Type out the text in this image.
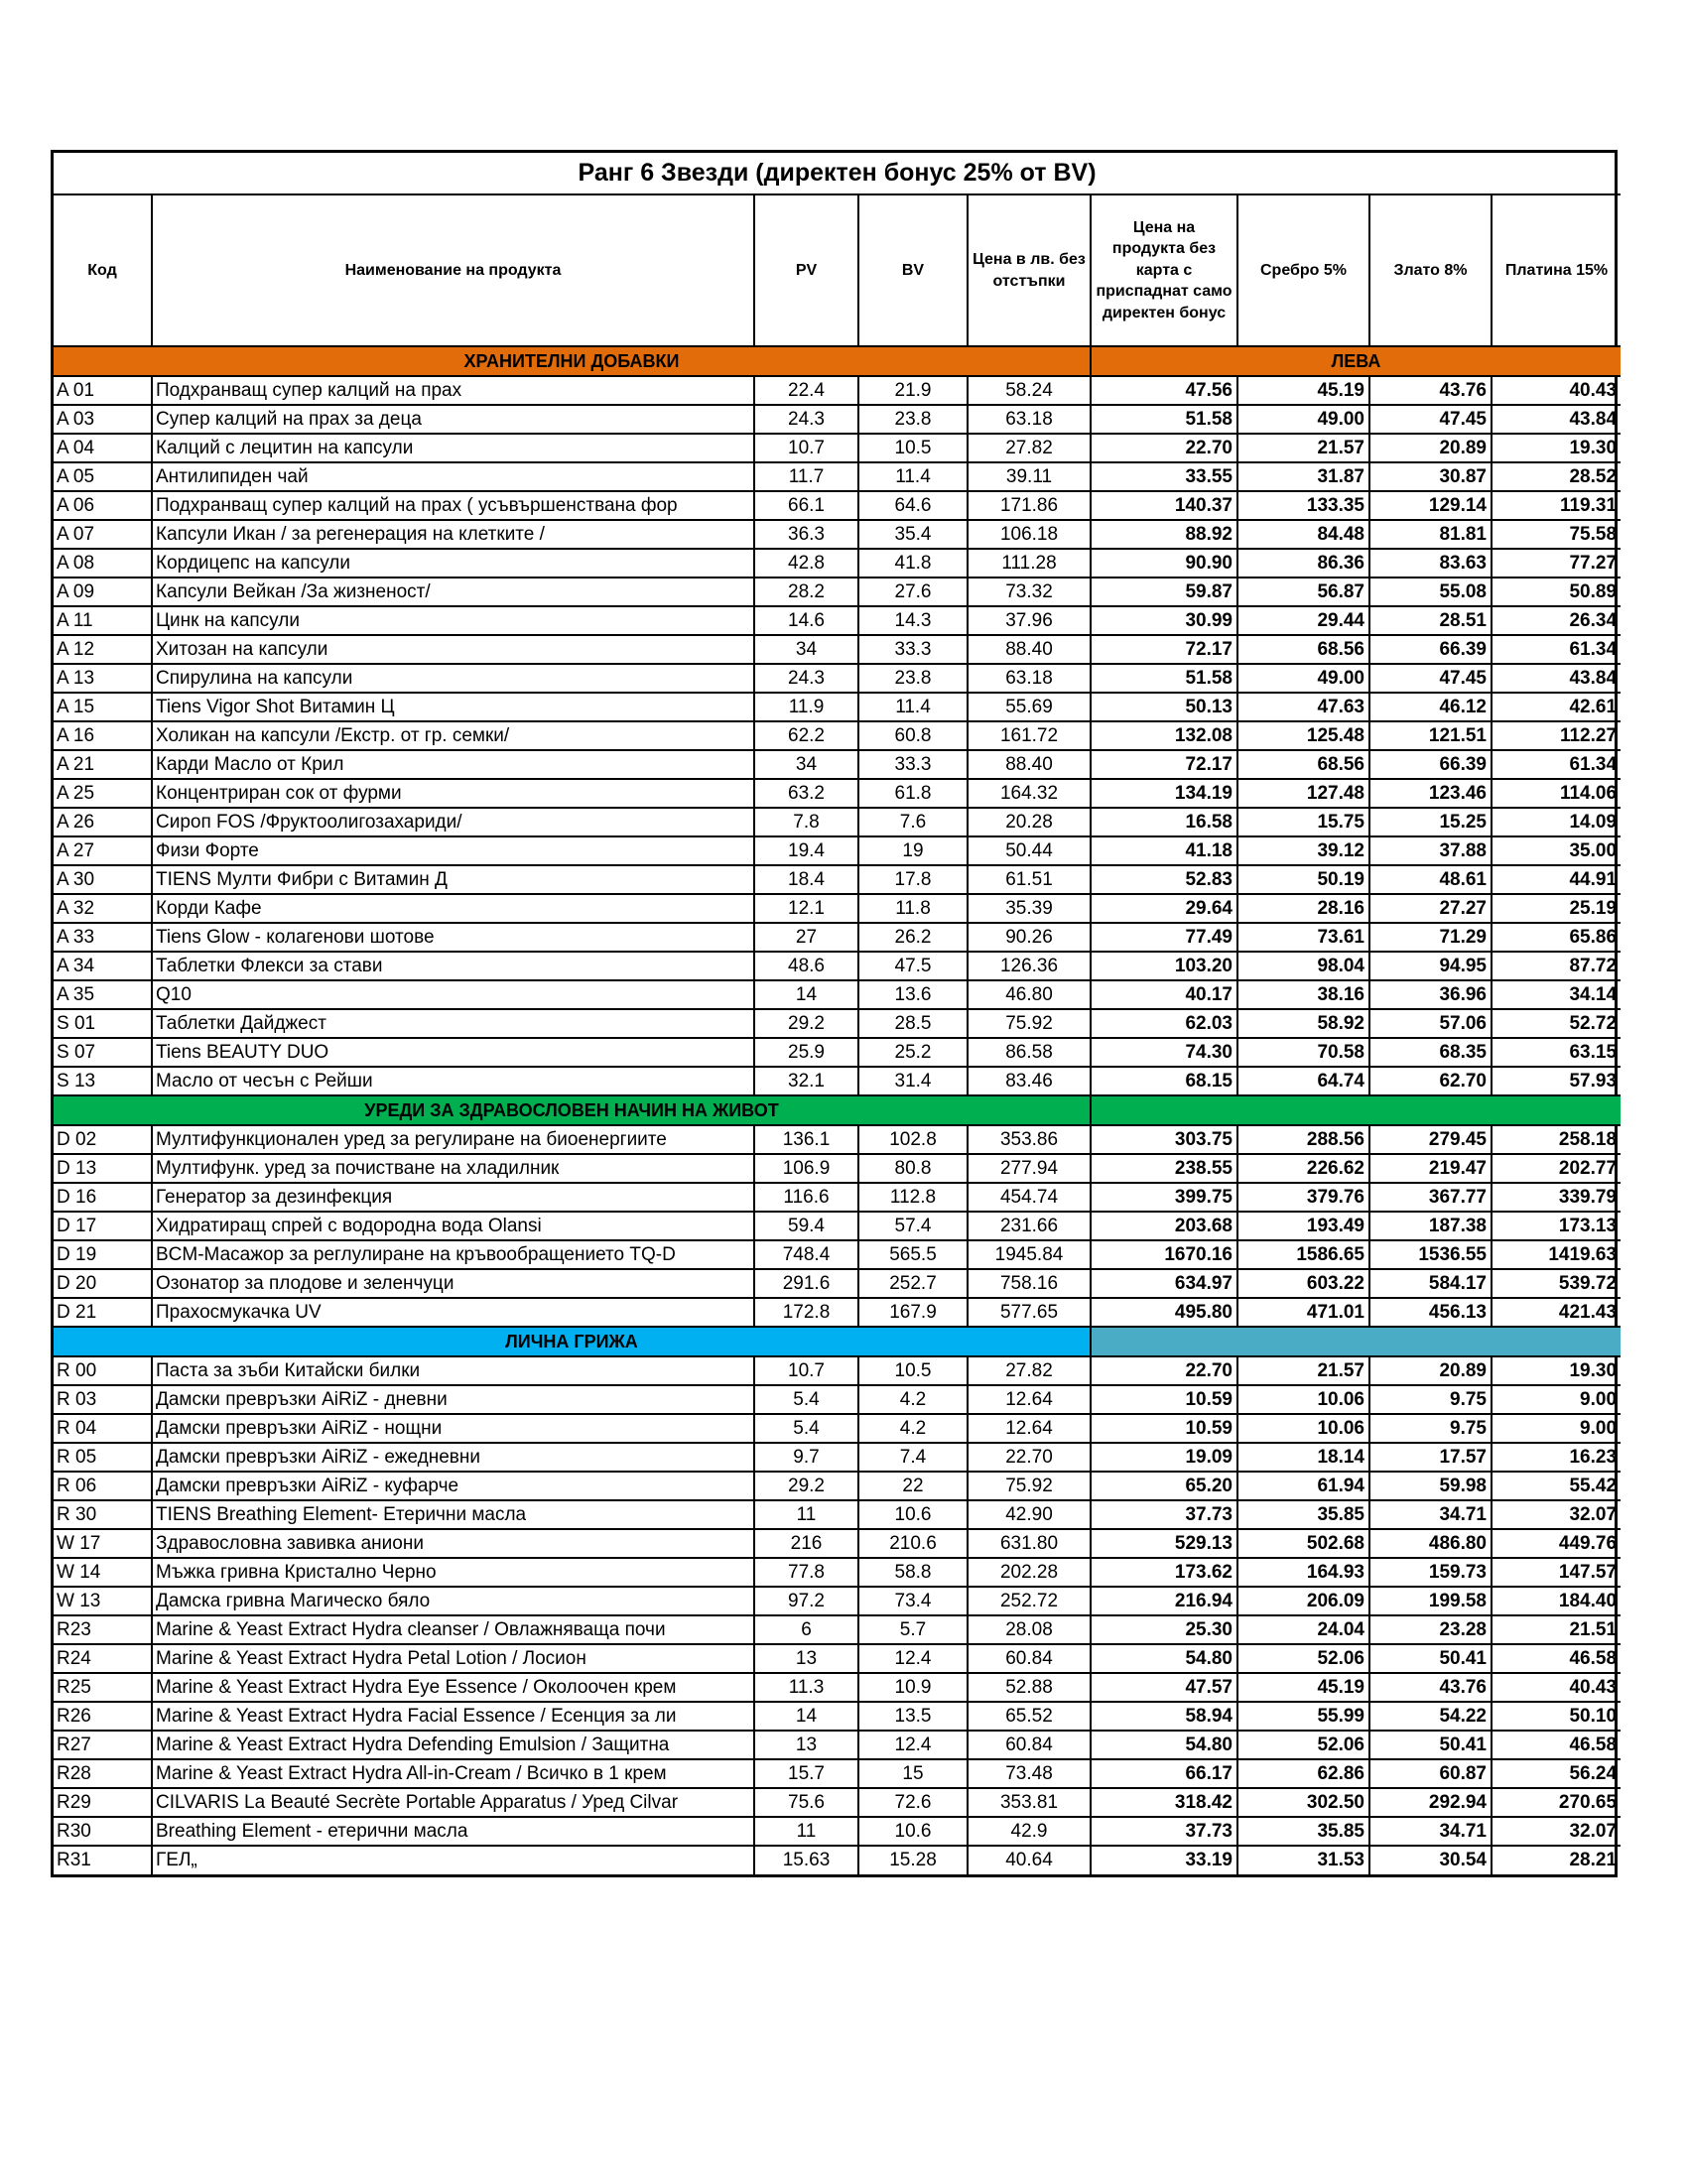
Ранг 6 Звезди (директен бонус 25% от BV)								
Код	Наименование на продукта	PV	BV	Цена в лв. без отстъпки	Цена на продукта без карта с приспаднат само директен бонус	Сребро 5%	Злато 8%	Платина 15%
ХРАНИТЕЛНИ ДОБАВКИ					ЛЕВА			
A 01	Подхранващ супер калций на прах	22.4	21.9	58.24	47.56	45.19	43.76	40.43
A 03	Супер калций на прах за деца	24.3	23.8	63.18	51.58	49.00	47.45	43.84
A 04	Калций с лецитин на капсули	10.7	10.5	27.82	22.70	21.57	20.89	19.30
A 05	Антилипиден чай	11.7	11.4	39.11	33.55	31.87	30.87	28.52
A 06	Подхранващ супер калций на прах ( усъвършенствана фор	66.1	64.6	171.86	140.37	133.35	129.14	119.31
A 07	Капсули Икан / за регенерация на клетките /	36.3	35.4	106.18	88.92	84.48	81.81	75.58
A 08	Кордицепс на капсули	42.8	41.8	111.28	90.90	86.36	83.63	77.27
A 09	Капсули Вейкан /За жизненост/	28.2	27.6	73.32	59.87	56.87	55.08	50.89
A 11	Цинк на капсули	14.6	14.3	37.96	30.99	29.44	28.51	26.34
A 12	Хитозан на капсули	34	33.3	88.40	72.17	68.56	66.39	61.34
A 13	Спирулина на капсули	24.3	23.8	63.18	51.58	49.00	47.45	43.84
A 15	Tiens Vigor Shot Витамин Ц	11.9	11.4	55.69	50.13	47.63	46.12	42.61
A 16	Холикан на капсули /Екстр. от гр. семки/	62.2	60.8	161.72	132.08	125.48	121.51	112.27
A 21	Карди Масло от Крил	34	33.3	88.40	72.17	68.56	66.39	61.34
A 25	Концентриран сок от фурми	63.2	61.8	164.32	134.19	127.48	123.46	114.06
A 26	Сироп FOS /Фруктоолигозахариди/	7.8	7.6	20.28	16.58	15.75	15.25	14.09
A 27	Физи Форте	19.4	19	50.44	41.18	39.12	37.88	35.00
A 30	TIENS Мулти Фибри с Витамин Д	18.4	17.8	61.51	52.83	50.19	48.61	44.91
A 32	Корди Кафе	12.1	11.8	35.39	29.64	28.16	27.27	25.19
A 33	Tiens Glow - колагенови шотове	27	26.2	90.26	77.49	73.61	71.29	65.86
A 34	Таблетки Флекси за стави	48.6	47.5	126.36	103.20	98.04	94.95	87.72
A 35	Q10	14	13.6	46.80	40.17	38.16	36.96	34.14
S 01	Таблетки Дайджест	29.2	28.5	75.92	62.03	58.92	57.06	52.72
S 07	Tiens BEAUTY DUO	25.9	25.2	86.58	74.30	70.58	68.35	63.15
S 13	Масло от чесън с Рейши	32.1	31.4	83.46	68.15	64.74	62.70	57.93
УРЕДИ ЗА ЗДРАВОСЛОВЕН НАЧИН НА ЖИВОТ								
D 02	Мултифункционален уред за регулиране на биоенергиите	136.1	102.8	353.86	303.75	288.56	279.45	258.18
D 13	Мултифунк. уред за почистване на хладилник	106.9	80.8	277.94	238.55	226.62	219.47	202.77
D 16	Генератор за дезинфекция	116.6	112.8	454.74	399.75	379.76	367.77	339.79
D 17	Хидратиращ спрей с водородна вода Olansi	59.4	57.4	231.66	203.68	193.49	187.38	173.13
D 19	BCM-Масажор за реглулиране на кръвообращението TQ-D	748.4	565.5	1945.84	1670.16	1586.65	1536.55	1419.63
D 20	Озонатор за плодове и зеленчуци	291.6	252.7	758.16	634.97	603.22	584.17	539.72
D 21	Прахосмукачка UV	172.8	167.9	577.65	495.80	471.01	456.13	421.43
ЛИЧНА ГРИЖА								
R 00	Паста за зъби Китайски билки	10.7	10.5	27.82	22.70	21.57	20.89	19.30
R 03	Дамски превръзки AiRiZ - дневни	5.4	4.2	12.64	10.59	10.06	9.75	9.00
R 04	Дамски превръзки AiRiZ - нощни	5.4	4.2	12.64	10.59	10.06	9.75	9.00
R 05	Дамски превръзки AiRiZ - ежедневни	9.7	7.4	22.70	19.09	18.14	17.57	16.23
R 06	Дамски превръзки AiRiZ - куфарче	29.2	22	75.92	65.20	61.94	59.98	55.42
R 30	TIENS Breathing Element- Етерични масла	11	10.6	42.90	37.73	35.85	34.71	32.07
W 17	Здравословна завивка аниони	216	210.6	631.80	529.13	502.68	486.80	449.76
W 14	Мъжка гривна Кристално Черно	77.8	58.8	202.28	173.62	164.93	159.73	147.57
W 13	Дамска гривна Магическо бяло	97.2	73.4	252.72	216.94	206.09	199.58	184.40
R23	Marine & Yeast Extract Hydra cleanser / Овлажняваща почи	6	5.7	28.08	25.30	24.04	23.28	21.51
R24	Marine & Yeast Extract Hydra Petal Lotion / Лосион	13	12.4	60.84	54.80	52.06	50.41	46.58
R25	Marine & Yeast Extract Hydra Eye Essence / Околоочен крем	11.3	10.9	52.88	47.57	45.19	43.76	40.43
R26	Marine & Yeast Extract Hydra Facial Essence / Есенция за ли	14	13.5	65.52	58.94	55.99	54.22	50.10
R27	Marine & Yeast Extract Hydra Defending Emulsion / Защитна	13	12.4	60.84	54.80	52.06	50.41	46.58
R28	Marine & Yeast Extract Hydra All-in-Cream / Всичко в 1 крем	15.7	15	73.48	66.17	62.86	60.87	56.24
R29	CILVARIS La Beauté Secrète Portable Apparatus / Уред Cilvar	75.6	72.6	353.81	318.42	302.50	292.94	270.65
R30	Breathing Element - етерични масла	11	10.6	42.9	37.73	35.85	34.71	32.07
R31	ГЕЛ„	15.63	15.28	40.64	33.19	31.53	30.54	28.21
